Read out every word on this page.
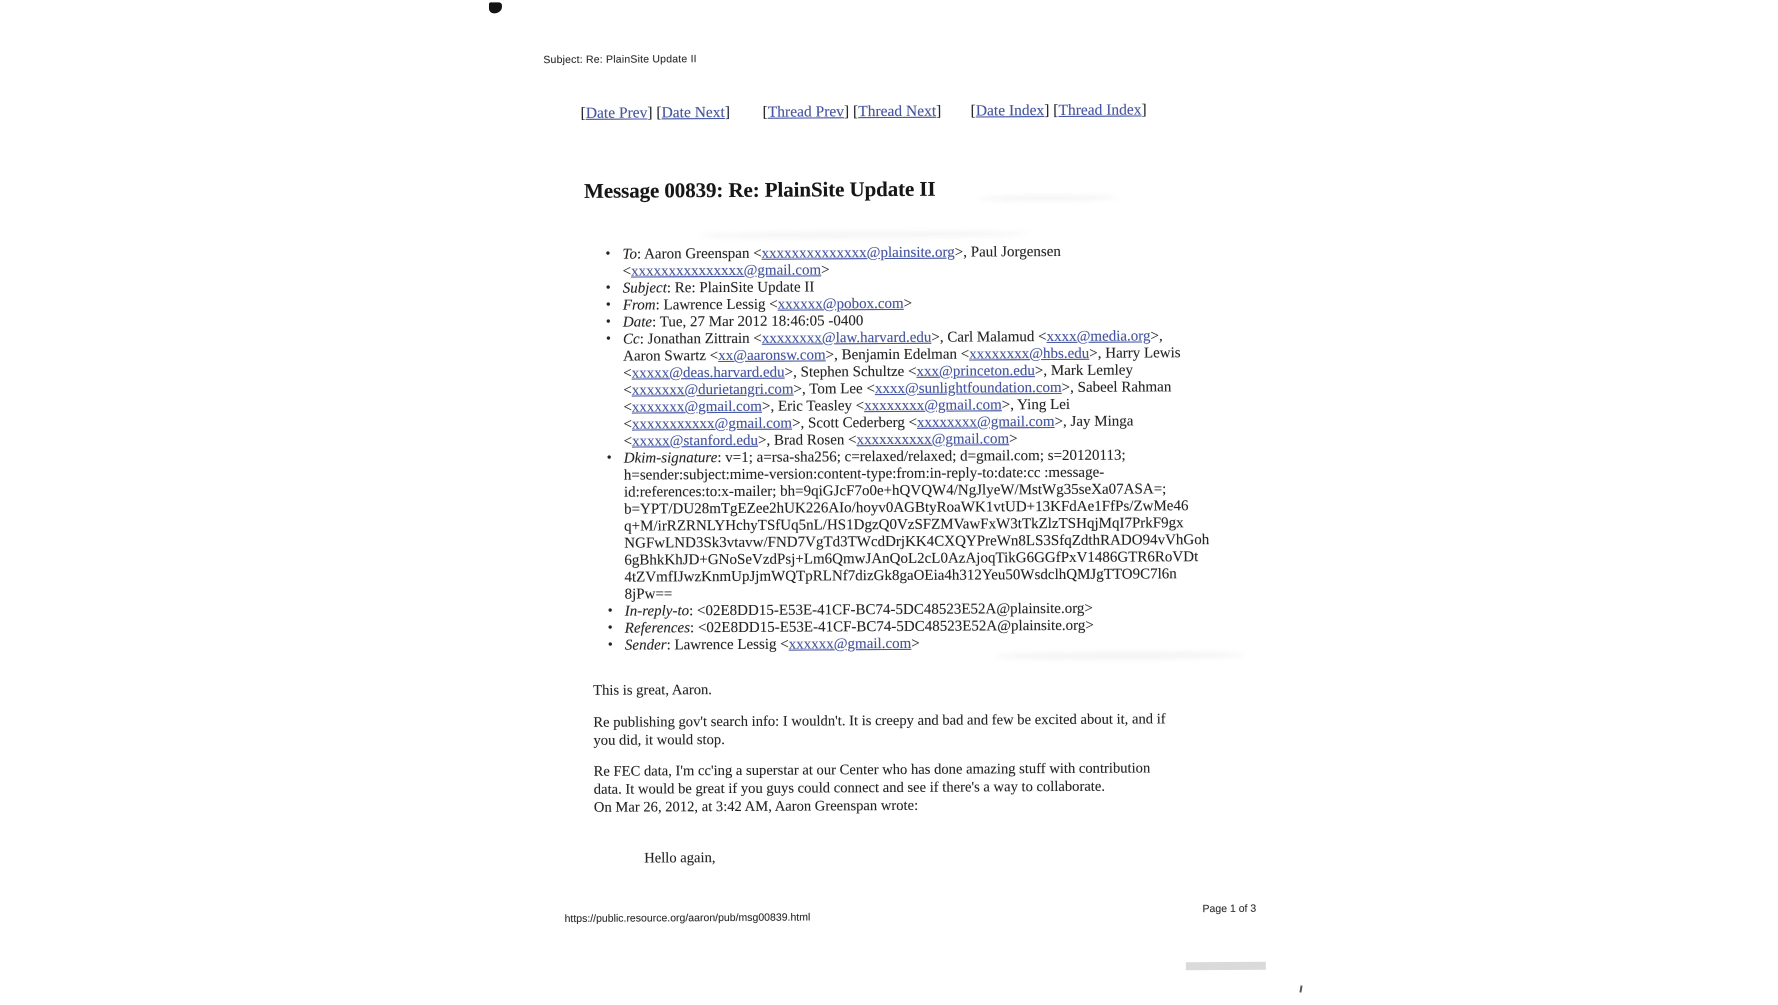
Subject: Re: PlainSite Update II
[Date Prev] [Date Next] [Thread Prev] [Thread Next] [Date Index] [Thread Index]
Message 00839: Re: PlainSite Update II
• To: Aaron Greenspan <xxxxxxxxxxxxxx@plainsite.org>, Paul Jorgensen
<xxxxxxxxxxxxxxx@gmail.com>
• Subject: Re: PlainSite Update II
• From: Lawrence Lessig <xxxxxx@pobox.com>
• Date: Tue, 27 Mar 2012 18:46:05 -0400
• Cc: Jonathan Zittrain <xxxxxxxx@law.harvard.edu>, Carl Malamud <xxxx@media.org>,
Aaron Swartz <xx@aaronsw.com>, Benjamin Edelman <xxxxxxxx@hbs.edu>, Harry Lewis
<xxxxx@deas.harvard.edu>, Stephen Schultze <xxx@princeton.edu>, Mark Lemley
<xxxxxxx@durietangri.com>, Tom Lee <xxxx@sunlightfoundation.com>, Sabeel Rahman
<xxxxxxx@gmail.com>, Eric Teasley <xxxxxxxx@gmail.com>, Ying Lei
<xxxxxxxxxxx@gmail.com>, Scott Cederberg <xxxxxxxx@gmail.com>, Jay Minga
<xxxxx@stanford.edu>, Brad Rosen <xxxxxxxxxx@gmail.com>
• Dkim-signature: v=1; a=rsa-sha256; c=relaxed/relaxed; d=gmail.com; s=20120113;
h=sender:subject:mime-version:content-type:from:in-reply-to:date:cc :message-
id:references:to:x-mailer; bh=9qiGJcF7o0e+hQVQW4/NgJlyeW/MstWg35seXa07ASA=;
b=YPT/DU28mTgEZee2hUK226AIo/hoyv0AGBtyRoaWK1vtUD+13KFdAe1FfPs/ZwMe46
q+M/irRZRNLYHchyTSfUq5nL/HS1DgzQ0VzSFZMVawFxW3tTkZlzTSHqjMqI7PrkF9gx
NGFwLND3Sk3vtavw/FND7VgTd3TWcdDrjKK4CXQYPreWn8LS3SfqZdthRADO94vVhGoh
6gBhkKhJD+GNoSeVzdPsj+Lm6QmwJAnQoL2cL0AzAjoqTikG6GGfPxV1486GTR6RoVDt
4tZVmfIJwzKnmUpJjmWQTpRLNf7dizGk8gaOEia4h312Yeu50WsdclhQMJgTTO9C7l6n
8jPw==
• In-reply-to: <02E8DD15-E53E-41CF-BC74-5DC48523E52A@plainsite.org>
• References: <02E8DD15-E53E-41CF-BC74-5DC48523E52A@plainsite.org>
• Sender: Lawrence Lessig <xxxxxx@gmail.com>

This is great, Aaron.

Re publishing gov't search info: I wouldn't. It is creepy and bad and few be excited about it, and if
you did, it would stop.

Re FEC data, I'm cc'ing a superstar at our Center who has done amazing stuff with contribution
data. It would be great if you guys could connect and see if there's a way to collaborate.
On Mar 26, 2012, at 3:42 AM, Aaron Greenspan wrote:

Hello again,
https://public.resource.org/aaron/pub/msg00839.html
Page 1 of 3
